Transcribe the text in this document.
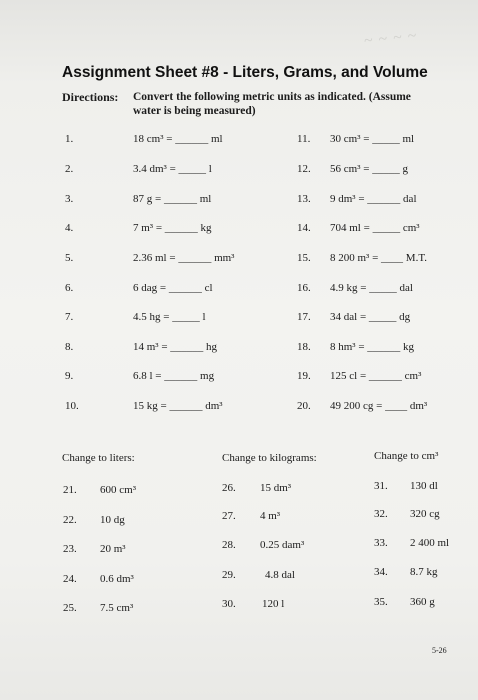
~ ~ ~ ~
Assignment Sheet #8 - Liters, Grams, and Volume
Directions: Convert the following metric units as indicated. (Assume water is being measured)
1.	18 cm³ = ______ ml
2.	3.4 dm³ = _____ l
3.	87 g = ______ ml
4.	7 m³ = ______ kg
5.	2.36 ml = ______ mm³
6.	6 dag = ______ cl
7.	4.5 hg = _____ l
8.	14 m³ = ______ hg
9.	6.8 l = ______ mg
10.	15 kg = ______ dm³
11. 30 cm³ = _____ ml
12. 56 cm³ = _____ g
13. 9 dm³ = ______ dal
14. 704 ml = _____ cm³
15. 8 200 m³ = ____ M.T.
16. 4.9 kg = _____ dal
17. 34 dal = _____ dg
18. 8 hm³ = ______ kg
19. 125 cl = ______ cm³
20. 49 200 cg = ____ dm³
Change to liters:
21. 600 cm³
22. 10 dg
23. 20 m³
24. 0.6 dm³
25. 7.5 cm³
Change to kilograms:
26. 15 dm³
27. 4 m³
28. 0.25 dam³
29.	4.8 dal
30. 120 l
Change to cm³
31. 130 dl
32. 320 cg
33. 2 400 ml
34. 8.7 kg
35. 360 g
5-26
